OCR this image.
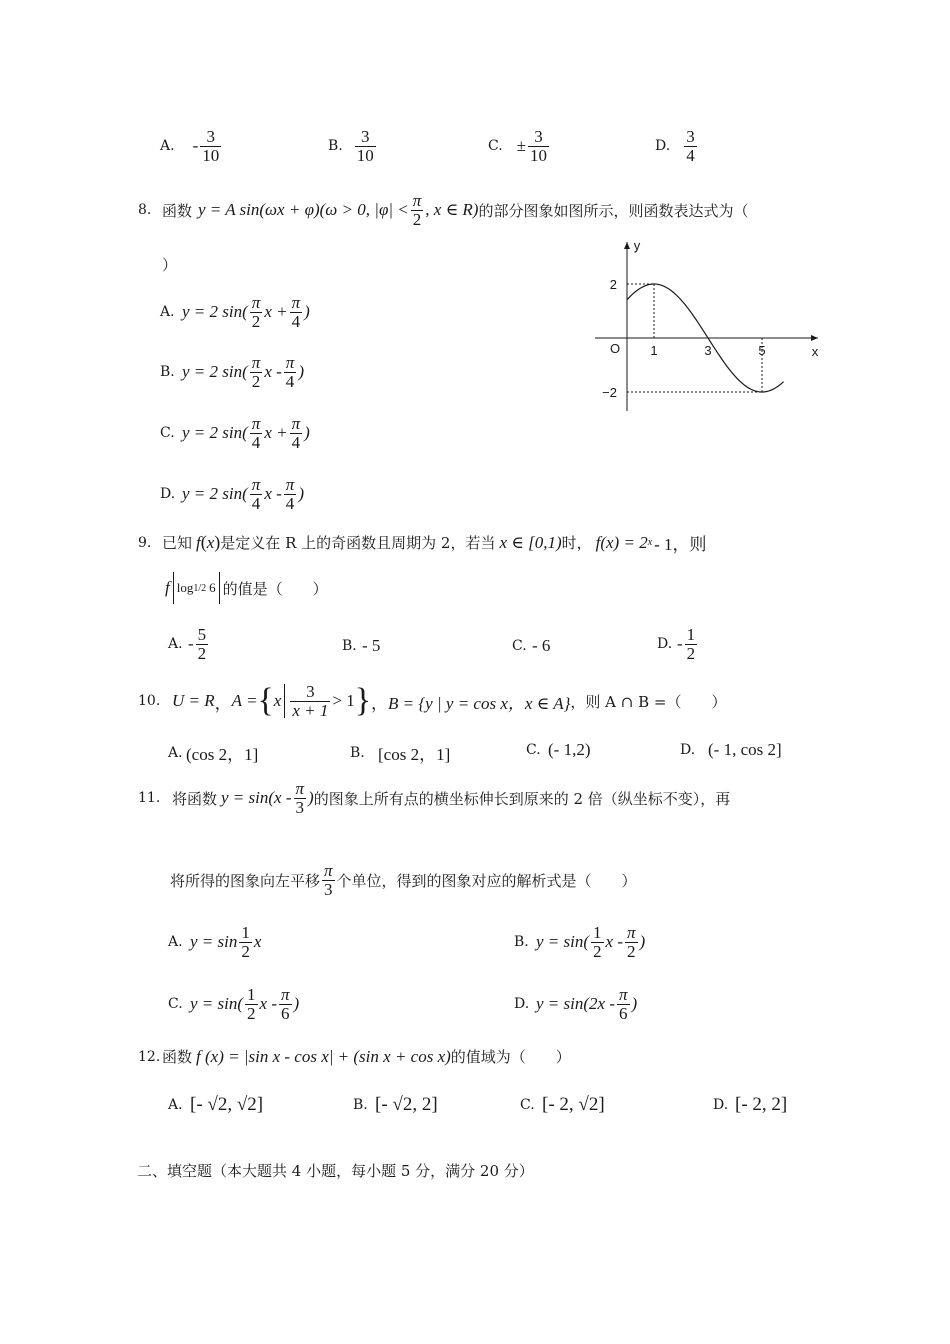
A. - $\frac{3}{10}$	B. $\frac{3}{10}$	C. ± $\frac{3}{10}$	D. $\frac{3}{4}$
8. 函数 y = A sin(ωx + φ)(ω > 0, $|\varphi| < \frac{\pi}{2}$ , x ∈ R) 的部分图象如图所示，则函数表达式为（
）
A. y = 2 $\sin( \frac{\pi}{2}$ $x + \frac{\pi}{4}$ )
B. y = 2 $\sin( \frac{\pi}{2}$ x - $\frac{\pi}{4}$ )
C. y = 2 $\sin( \frac{\pi}{4}$ $x + \frac{\pi}{4}$ )
D. y = 2 $\sin( \frac{\pi}{4}$ x - $\frac{\pi}{4}$ )
y
x
O 1	3	5
2
−2
9. 已知 f ( x ) 是定义在 R 上的奇函数且周期为 2，若当 x ∈ [0,1) 时， f(x) = 2 x - 1，则
f log 1/2 6 的值是（　　）
A. - $\frac{5}{2}$	B. - 5	C. - 6	D. - $\frac{1}{2}$
10. U = R ， A = { x $\frac{3}{x + 1} > 1$ } ， B = {y | y = cos x，x ∈ A} ，则 A ∩ B =（　　）
A. (cos 2，1]	B. [cos 2，1]	C. (- 1,2)	D. (- 1, cos 2]
11. 将函数 $y = \sin(x - \frac{\pi}{3}$ ) 的图象上所有点的横坐标伸长到原来的 2 倍（纵坐标不变），再
将所得的图象向左平移 $\frac{\pi}{3}$ 个单位，得到的图象对应的解析式是（　　）
A. $y = \sin \frac{1}{2}$ x	B. $y = \sin( \frac{1}{2}$ x - $\frac{\pi}{2}$ )
C. $y = \sin( \frac{1}{2}$ x - $\frac{\pi}{6}$ )	D. $y = \sin(2x - \frac{\pi}{6}$ )
12. 函数 f (x) = |sin x - cos x| + (sin x + cos x) 的值域为（　　）
A. [- √2, √2]	B. [- √2, 2]	C. [- 2, √2]	D. [- 2, 2]
二、填空题（本大题共 4 小题，每小题 5 分，满分 20 分）
